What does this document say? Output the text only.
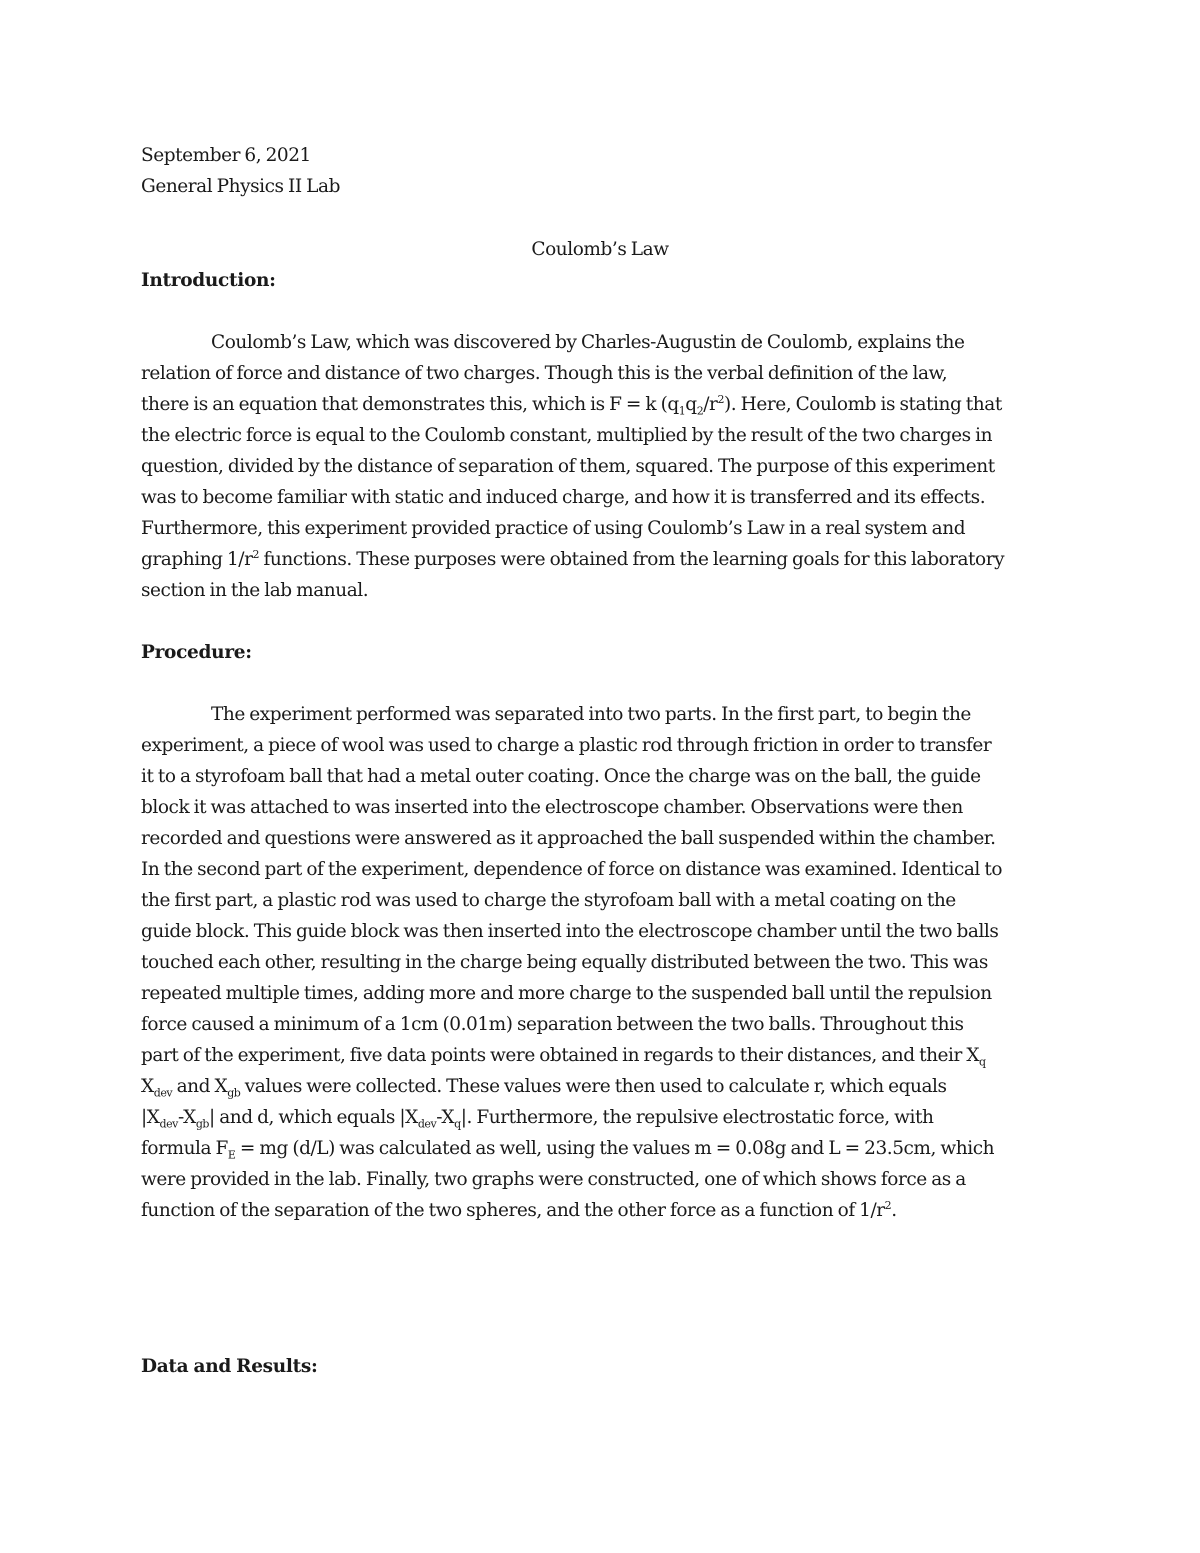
September 6, 2021
General Physics II Lab
Coulomb’s Law
Introduction:
Coulomb’s Law, which was discovered by Charles-Augustin de Coulomb, explains the
relation of force and distance of two charges. Though this is the verbal definition of the law,
there is an equation that demonstrates this, which is F = k $(q_1q_2/r^2)$. Here, Coulomb is stating that
the electric force is equal to the Coulomb constant, multiplied by the result of the two charges in
question, divided by the distance of separation of them, squared. The purpose of this experiment
was to become familiar with static and induced charge, and how it is transferred and its effects.
Furthermore, this experiment provided practice of using Coulomb’s Law in a real system and
graphing $1/r^2$ functions. These purposes were obtained from the learning goals for this laboratory
section in the lab manual.
Procedure:
The experiment performed was separated into two parts. In the first part, to begin the
experiment, a piece of wool was used to charge a plastic rod through friction in order to transfer
it to a styrofoam ball that had a metal outer coating. Once the charge was on the ball, the guide
block it was attached to was inserted into the electroscope chamber. Observations were then
recorded and questions were answered as it approached the ball suspended within the chamber.
In the second part of the experiment, dependence of force on distance was examined. Identical to
the first part, a plastic rod was used to charge the styrofoam ball with a metal coating on the
guide block. This guide block was then inserted into the electroscope chamber until the two balls
touched each other, resulting in the charge being equally distributed between the two. This was
repeated multiple times, adding more and more charge to the suspended ball until the repulsion
force caused a minimum of a 1cm (0.01m) separation between the two balls. Throughout this
part of the experiment, five data points were obtained in regards to their distances, and their $X_q$
$X_{dev}$ and $X_{gb}$ values were collected. These values were then used to calculate r, which equals
$|X_{dev}-X_{gb}|$ and d, which equals $|X_{dev}-X_q|$. Furthermore, the repulsive electrostatic force, with
formula $F_E$ = mg (d/L) was calculated as well, using the values m = 0.08g and L = 23.5cm, which
were provided in the lab. Finally, two graphs were constructed, one of which shows force as a
function of the separation of the two spheres, and the other force as a function of $1/r^2$.
Data and Results:
